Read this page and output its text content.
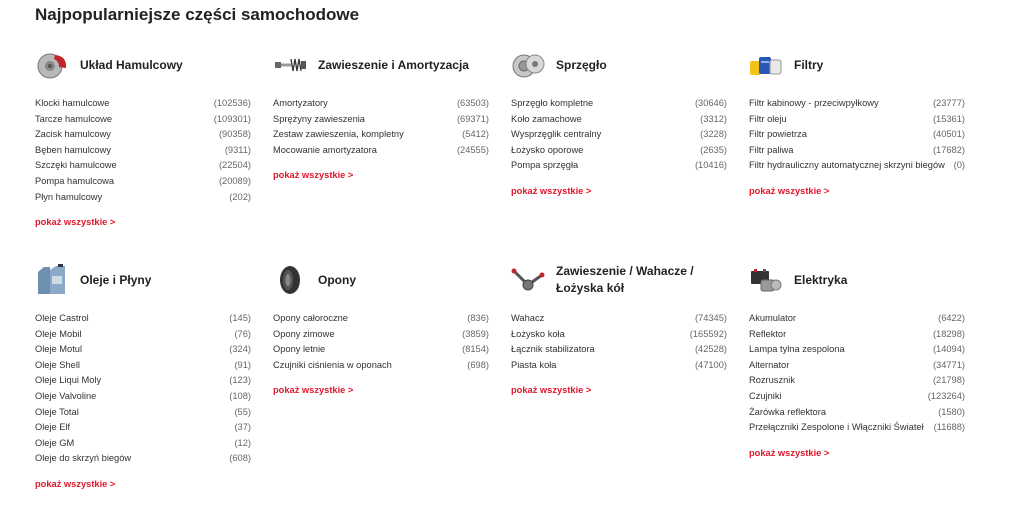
Najpopularniejsze części samochodowe
Układ Hamulcowy
Klocki hamulcowe	(102536)
Tarcze hamulcowe	(109301)
Zacisk hamulcowy	(90358)
Bęben hamulcowy	(9311)
Szczęki hamulcowe	(22504)
Pompa hamulcowa	(20089)
Płyn hamulcowy	(202)
pokaż wszystkie >
Zawieszenie i Amortyzacja
Amortyzatory	(63503)
Sprężyny zawieszenia	(69371)
Zestaw zawieszenia, kompletny	(5412)
Mocowanie amortyzatora	(24555)
pokaż wszystkie >
Sprzęgło
Sprzęgło kompletne	(30646)
Koło zamachowe	(3312)
Wysprzęglik centralny	(3228)
Łożysko oporowe	(2635)
Pompa sprzęgła	(10416)
pokaż wszystkie >
Filtry
Filtr kabinowy - przeciwpyłkowy	(23777)
Filtr oleju	(15361)
Filtr powietrza	(40501)
Filtr paliwa	(17682)
Filtr hydrauliczny automatycznej skrzyni biegów (0)
pokaż wszystkie >
Oleje i Płyny
Oleje Castrol	(145)
Oleje Mobil	(76)
Oleje Motul	(324)
Oleje Shell	(91)
Oleje Liqui Moly	(123)
Oleje Valvoline	(108)
Oleje Total	(55)
Oleje Elf	(37)
Oleje GM	(12)
Oleje do skrzyń biegów	(608)
pokaż wszystkie >
Opony
Opony całoroczne	(836)
Opony zimowe	(3859)
Opony letnie	(8154)
Czujniki ciśnienia w oponach	(698)
pokaż wszystkie >
Zawieszenie / Wahacze / Łożyska kół
Wahacz	(74345)
Łożysko koła	(165592)
Łącznik stabilizatora	(42528)
Piasta koła	(47100)
pokaż wszystkie >
Elektryka
Akumulator	(6422)
Reflektor	(18298)
Lampa tylna zespolona	(14094)
Alternator	(34771)
Rozrusznik	(21798)
Czujniki	(123264)
Żarówka reflektora	(1580)
Przełączniki Zespolone i Włączniki Świateł (11688)
pokaż wszystkie >
